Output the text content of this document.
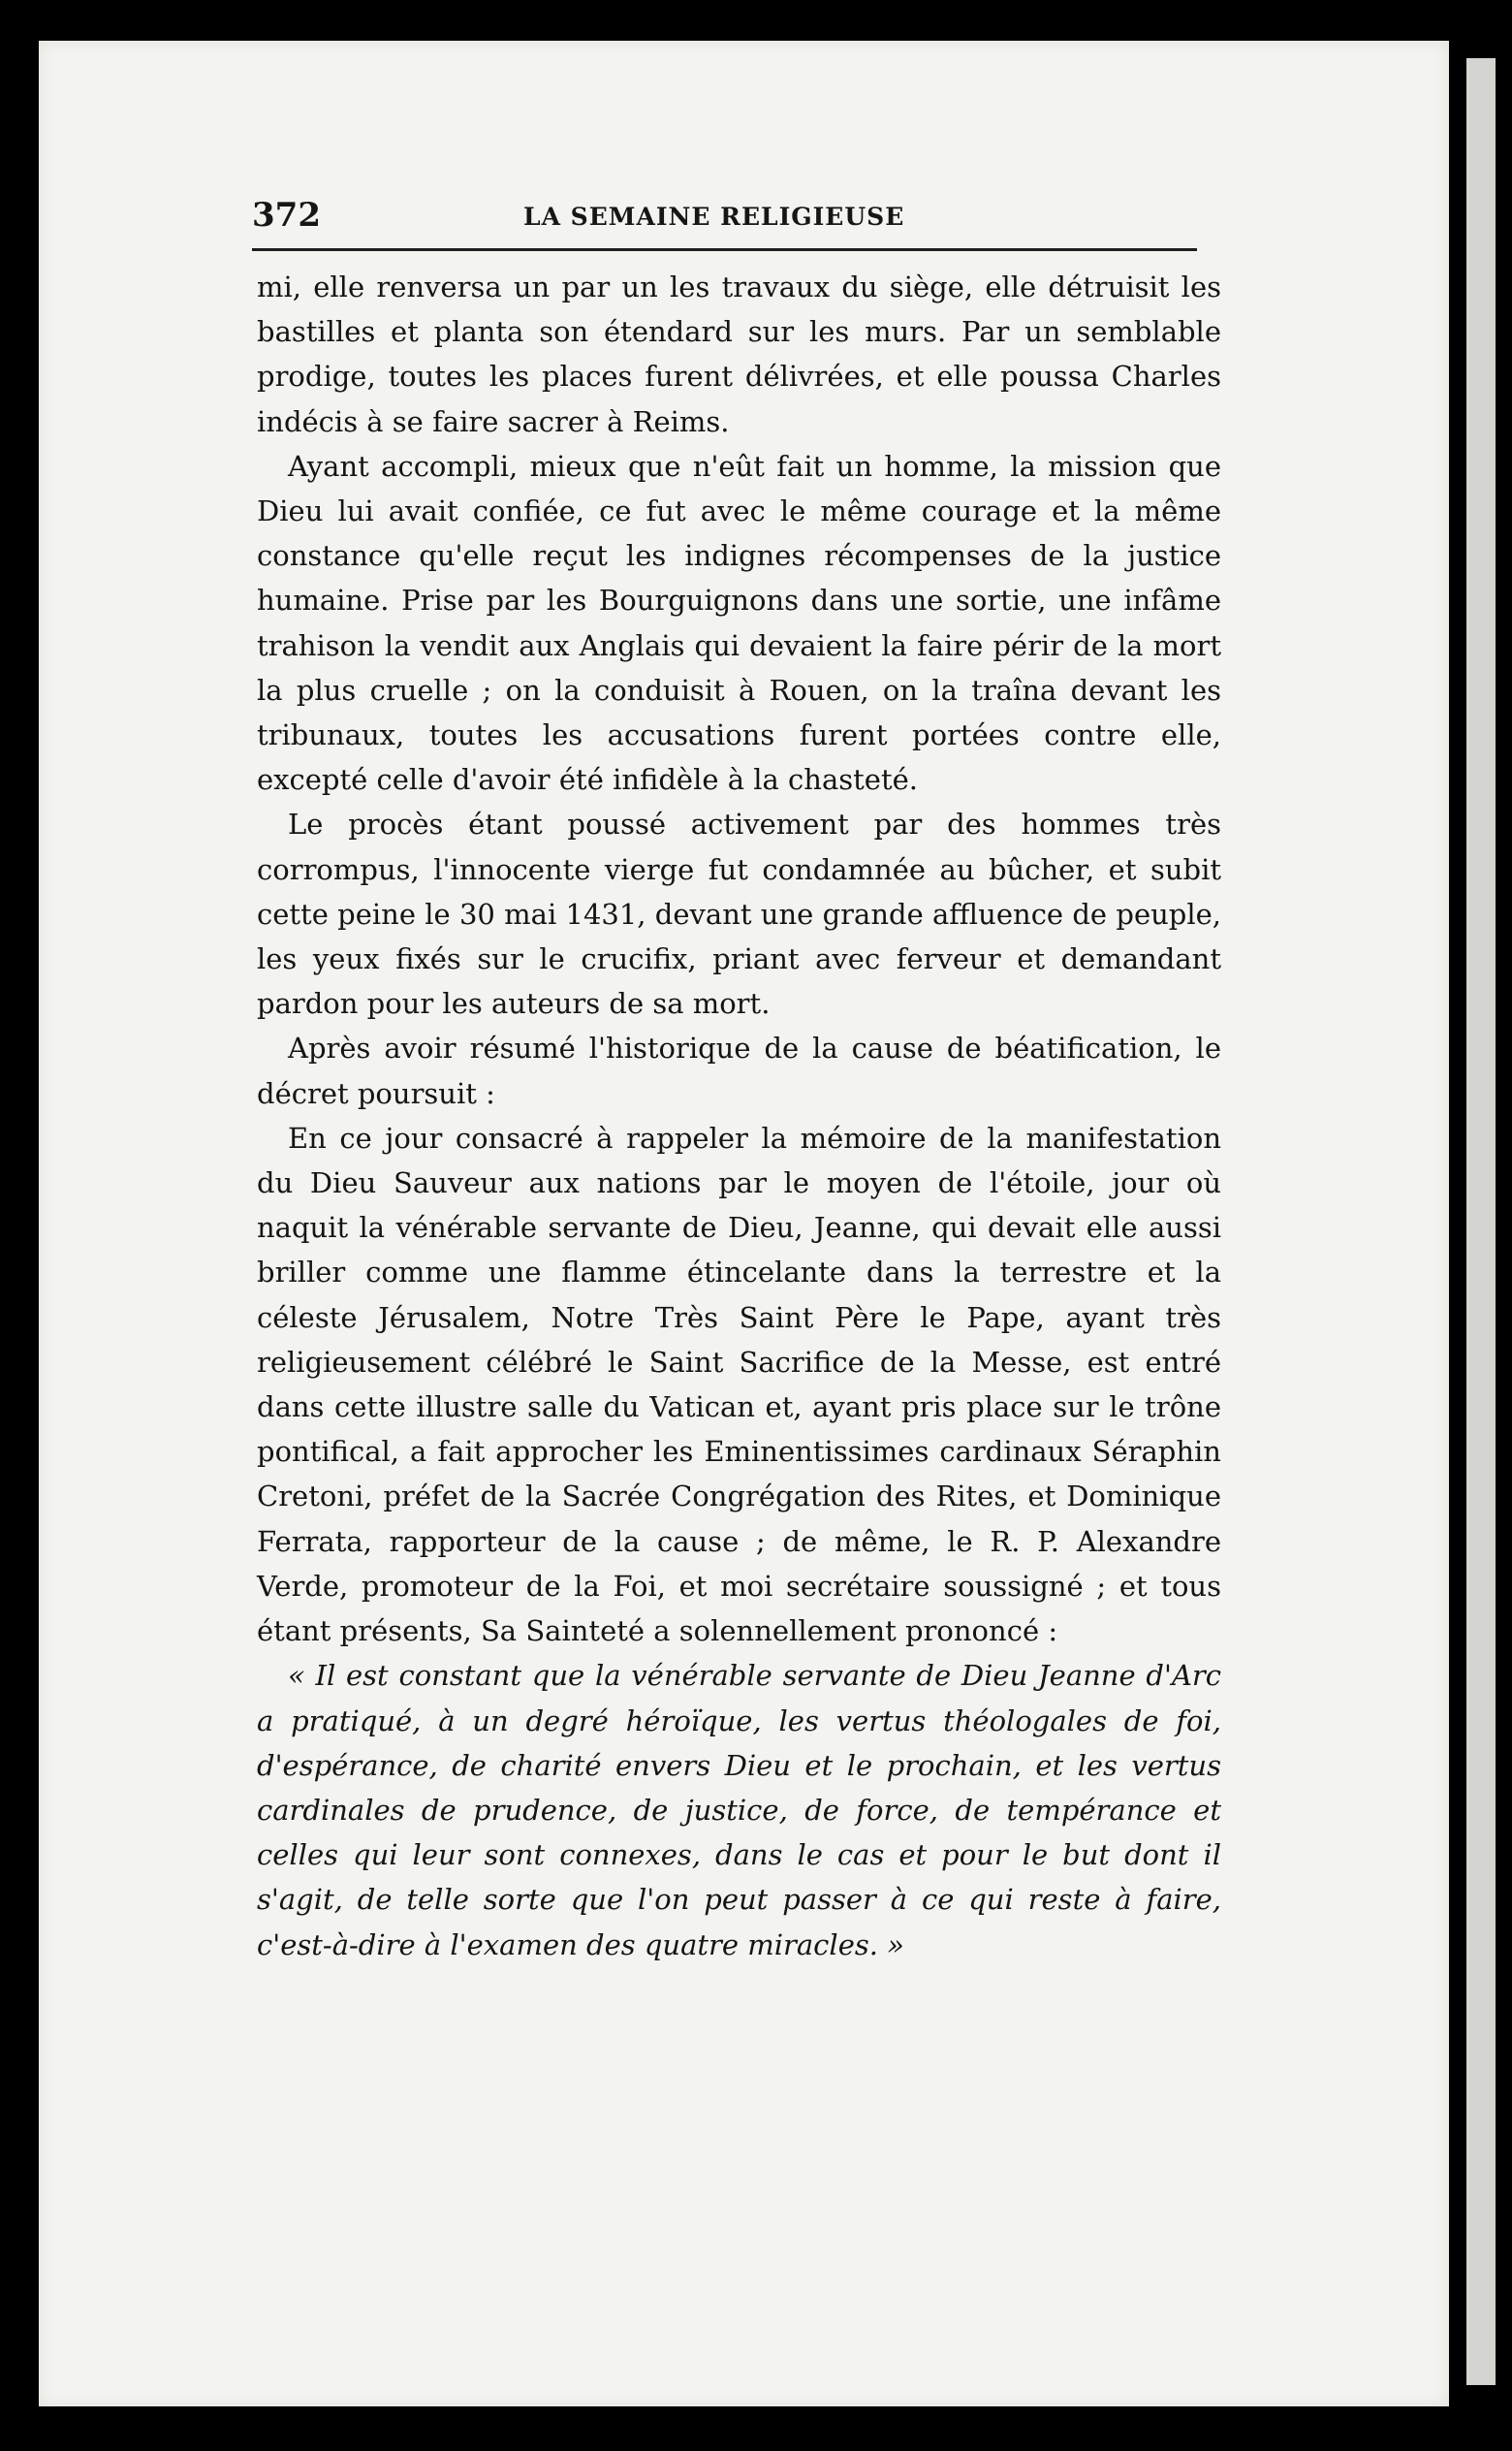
372	LA SEMAINE RELIGIEUSE

mi, elle renversa un par un les travaux du siège, elle détruisit les bastilles et planta son étendard sur les murs. Par un semblable prodige, toutes les places furent délivrées, et elle poussa Charles indécis à se faire sacrer à Reims.

Ayant accompli, mieux que n'eût fait un homme, la mission que Dieu lui avait confiée, ce fut avec le même courage et la même constance qu'elle reçut les indignes récompenses de la justice humaine. Prise par les Bourguignons dans une sortie, une infâme trahison la vendit aux Anglais qui devaient la faire périr de la mort la plus cruelle ; on la conduisit à Rouen, on la traîna devant les tribunaux, toutes les accusations furent portées contre elle, excepté celle d'avoir été infidèle à la chasteté.

Le procès étant poussé activement par des hommes très corrompus, l'innocente vierge fut condamnée au bûcher, et subit cette peine le 30 mai 1431, devant une grande affluence de peuple, les yeux fixés sur le crucifix, priant avec ferveur et demandant pardon pour les auteurs de sa mort.

Après avoir résumé l'historique de la cause de béatification, le décret poursuit :

En ce jour consacré à rappeler la mémoire de la manifestation du Dieu Sauveur aux nations par le moyen de l'étoile, jour où naquit la vénérable servante de Dieu, Jeanne, qui devait elle aussi briller comme une flamme étincelante dans la terrestre et la céleste Jérusalem, Notre Très Saint Père le Pape, ayant très religieusement célébré le Saint Sacrifice de la Messe, est entré dans cette illustre salle du Vatican et, ayant pris place sur le trône pontifical, a fait approcher les Eminentissimes cardinaux Séraphin Cretoni, préfet de la Sacrée Congrégation des Rites, et Dominique Ferrata, rapporteur de la cause ; de même, le R. P. Alexandre Verde, promoteur de la Foi, et moi secrétaire soussigné ; et tous étant présents, Sa Sainteté a solennellement prononcé :

« Il est constant que la vénérable servante de Dieu Jeanne d'Arc a pratiqué, à un degré héroïque, les vertus théologales de foi, d'espérance, de charité envers Dieu et le prochain, et les vertus cardinales de prudence, de justice, de force, de tempérance et celles qui leur sont connexes, dans le cas et pour le but dont il s'agit, de telle sorte que l'on peut passer à ce qui reste à faire, c'est-à-dire à l'examen des quatre miracles. »
